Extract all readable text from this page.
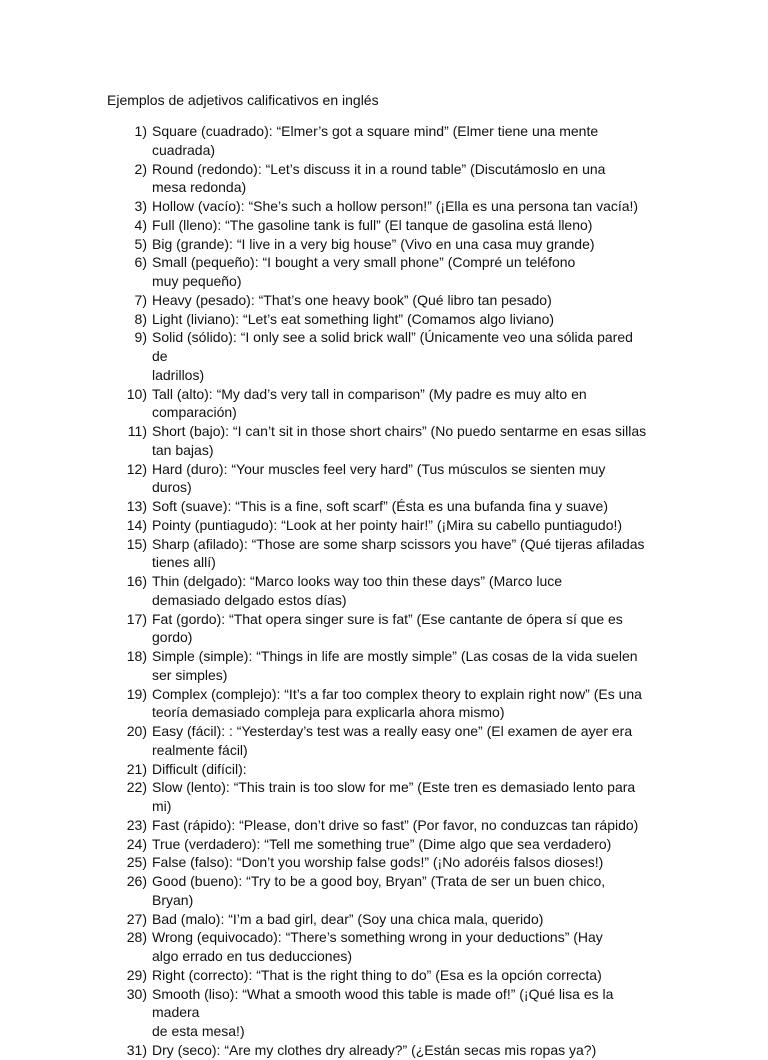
Ejemplos de adjetivos calificativos en inglés
1) Square (cuadrado): “Elmer’s got a square mind” (Elmer tiene una mente cuadrada)
2) Round (redondo): “Let’s discuss it in a round table” (Discutámoslo en una
mesa redonda)
3) Hollow (vacío): “She’s such a hollow person!” (¡Ella es una persona tan vacía!)
4) Full (lleno): “The gasoline tank is full” (El tanque de gasolina está lleno)
5) Big (grande): “I live in a very big house” (Vivo en una casa muy grande)
6) Small (pequeño): “I bought a very small phone” (Compré un teléfono
muy pequeño)
7) Heavy (pesado): “That’s one heavy book” (Qué libro tan pesado)
8) Light (liviano): “Let’s eat something light” (Comamos algo liviano)
9) Solid (sólido): “I only see a solid brick wall” (Únicamente veo una sólida pared de
ladrillos)
10) Tall (alto): “My dad’s very tall in comparison” (My padre es muy alto en
comparación)
11) Short (bajo): “I can’t sit in those short chairs” (No puedo sentarme en esas sillas
tan bajas)
12) Hard (duro): “Your muscles feel very hard” (Tus músculos se sienten muy duros)
13) Soft (suave): “This is a fine, soft scarf” (Ésta es una bufanda fina y suave)
14) Pointy (puntiagudo): “Look at her pointy hair!” (¡Mira su cabello puntiagudo!)
15) Sharp (afilado): “Those are some sharp scissors you have” (Qué tijeras afiladas
tienes allí)
16) Thin (delgado): “Marco looks way too thin these days” (Marco luce
demasiado delgado estos días)
17) Fat (gordo): “That opera singer sure is fat” (Ese cantante de ópera sí que es gordo)
18) Simple (simple): “Things in life are mostly simple” (Las cosas de la vida suelen
ser simples)
19) Complex (complejo): “It’s a far too complex theory to explain right now” (Es una
teoría demasiado compleja para explicarla ahora mismo)
20) Easy (fácil): : “Yesterday’s test was a really easy one” (El examen de ayer era
realmente fácil)
21) Difficult (difícil):
22) Slow (lento): “This train is too slow for me” (Este tren es demasiado lento para mi)
23) Fast (rápido): “Please, don’t drive so fast” (Por favor, no conduzcas tan rápido)
24) True (verdadero): “Tell me something true” (Dime algo que sea verdadero)
25) False (falso): “Don’t you worship false gods!” (¡No adoréis falsos dioses!)
26) Good (bueno): “Try to be a good boy, Bryan” (Trata de ser un buen chico, Bryan)
27) Bad (malo): “I’m a bad girl, dear” (Soy una chica mala, querido)
28) Wrong (equivocado): “There’s something wrong in your deductions” (Hay
algo errado en tus deducciones)
29) Right (correcto): “That is the right thing to do” (Esa es la opción correcta)
30) Smooth (liso): “What a smooth wood this table is made of!” (¡Qué lisa es la madera
de esta mesa!)
31) Dry (seco): “Are my clothes dry already?” (¿Están secas mis ropas ya?)
